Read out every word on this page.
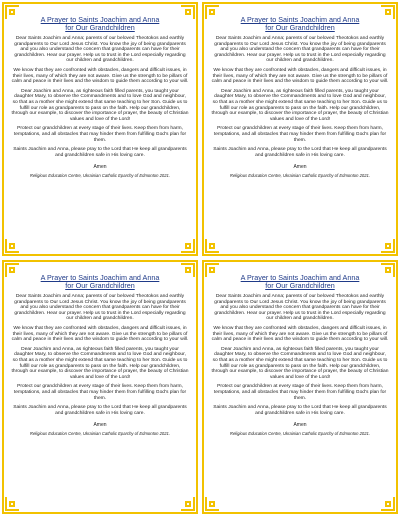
A Prayer to Saints Joachim and Anna
for Our Grandchildren

Dear Saints Joachim and Anna; parents of our beloved Theotokos and earthly grandparents to Our Lord Jesus Christ. You know the joy of being grandparents and you also understand the concern that grandparents can have for their grandchildren. Hear our prayer. Help us to trust in the Lord especially regarding our children and grandchildren.

We know that they are confronted with obstacles, dangers and difficult issues, in their lives, many of which they are not aware. Give us the strength to be pillars of calm and peace in their lives and the wisdom to guide them according to your will.

Dear Joachim and Anna, as righteous faith filled parents, you taught your daughter Mary, to observe the Commandments and to love God and neighbour, so that as a mother she might extend that same teaching to her Son. Guide us to fulfill our role as grandparents to pass on the faith. Help our grandchildren, through our example, to discover the importance of prayer, the beauty of Christian values and love of the Lord!

Protect our grandchildren at every stage of their lives. Keep them from harm, temptations, and all obstacles that may hinder them from fulfilling God's plan for them.

Saints Joachim and Anna, please pray to the Lord that He keep all grandparents and grandchildren safe in His loving care.

Amen
Religious Education Centre, Ukrainian Catholic Eparchy of Edmonton 2021.
A Prayer to Saints Joachim and Anna
for Our Grandchildren

Dear Saints Joachim and Anna; parents of our beloved Theotokos and earthly grandparents to Our Lord Jesus Christ. You know the joy of being grandparents and you also understand the concern that grandparents can have for their grandchildren. Hear our prayer. Help us to trust in the Lord especially regarding our children and grandchildren.

We know that they are confronted with obstacles, dangers and difficult issues, in their lives, many of which they are not aware. Give us the strength to be pillars of calm and peace in their lives and the wisdom to guide them according to your will.

Dear Joachim and Anna, as righteous faith filled parents, you taught your daughter Mary, to observe the Commandments and to love God and neighbour, so that as a mother she might extend that same teaching to her Son. Guide us to fulfill our role as grandparents to pass on the faith. Help our grandchildren, through our example, to discover the importance of prayer, the beauty of Christian values and love of the Lord!

Protect our grandchildren at every stage of their lives. Keep them from harm, temptations, and all obstacles that may hinder them from fulfilling God's plan for them.

Saints Joachim and Anna, please pray to the Lord that He keep all grandparents and grandchildren safe in His loving care.

Amen
Religious Education Centre, Ukrainian Catholic Eparchy of Edmonton 2021.
A Prayer to Saints Joachim and Anna
for Our Grandchildren

Dear Saints Joachim and Anna; parents of our beloved Theotokos and earthly grandparents to Our Lord Jesus Christ. You know the joy of being grandparents and you also understand the concern that grandparents can have for their grandchildren. Hear our prayer. Help us to trust in the Lord especially regarding our children and grandchildren.

We know that they are confronted with obstacles, dangers and difficult issues, in their lives, many of which they are not aware. Give us the strength to be pillars of calm and peace in their lives and the wisdom to guide them according to your will.

Dear Joachim and Anna, as righteous faith filled parents, you taught your daughter Mary, to observe the Commandments and to love God and neighbour, so that as a mother she might extend that same teaching to her Son. Guide us to fulfill our role as grandparents to pass on the faith. Help our grandchildren, through our example, to discover the importance of prayer, the beauty of Christian values and love of the Lord!

Protect our grandchildren at every stage of their lives. Keep them from harm, temptations, and all obstacles that may hinder them from fulfilling God's plan for them.

Saints Joachim and Anna, please pray to the Lord that He keep all grandparents and grandchildren safe in His loving care.

Amen
Religious Education Centre, Ukrainian Catholic Eparchy of Edmonton 2021.
A Prayer to Saints Joachim and Anna
for Our Grandchildren

Dear Saints Joachim and Anna; parents of our beloved Theotokos and earthly grandparents to Our Lord Jesus Christ. You know the joy of being grandparents and you also understand the concern that grandparents can have for their grandchildren. Hear our prayer. Help us to trust in the Lord especially regarding our children and grandchildren.

We know that they are confronted with obstacles, dangers and difficult issues, in their lives, many of which they are not aware. Give us the strength to be pillars of calm and peace in their lives and the wisdom to guide them according to your will.

Dear Joachim and Anna, as righteous faith filled parents, you taught your daughter Mary, to observe the Commandments and to love God and neighbour, so that as a mother she might extend that same teaching to her Son. Guide us to fulfill our role as grandparents to pass on the faith. Help our grandchildren, through our example, to discover the importance of prayer, the beauty of Christian values and love of the Lord!

Protect our grandchildren at every stage of their lives. Keep them from harm, temptations, and all obstacles that may hinder them from fulfilling God's plan for them.

Saints Joachim and Anna, please pray to the Lord that He keep all grandparents and grandchildren safe in His loving care.

Amen
Religious Education Centre, Ukrainian Catholic Eparchy of Edmonton 2021.
